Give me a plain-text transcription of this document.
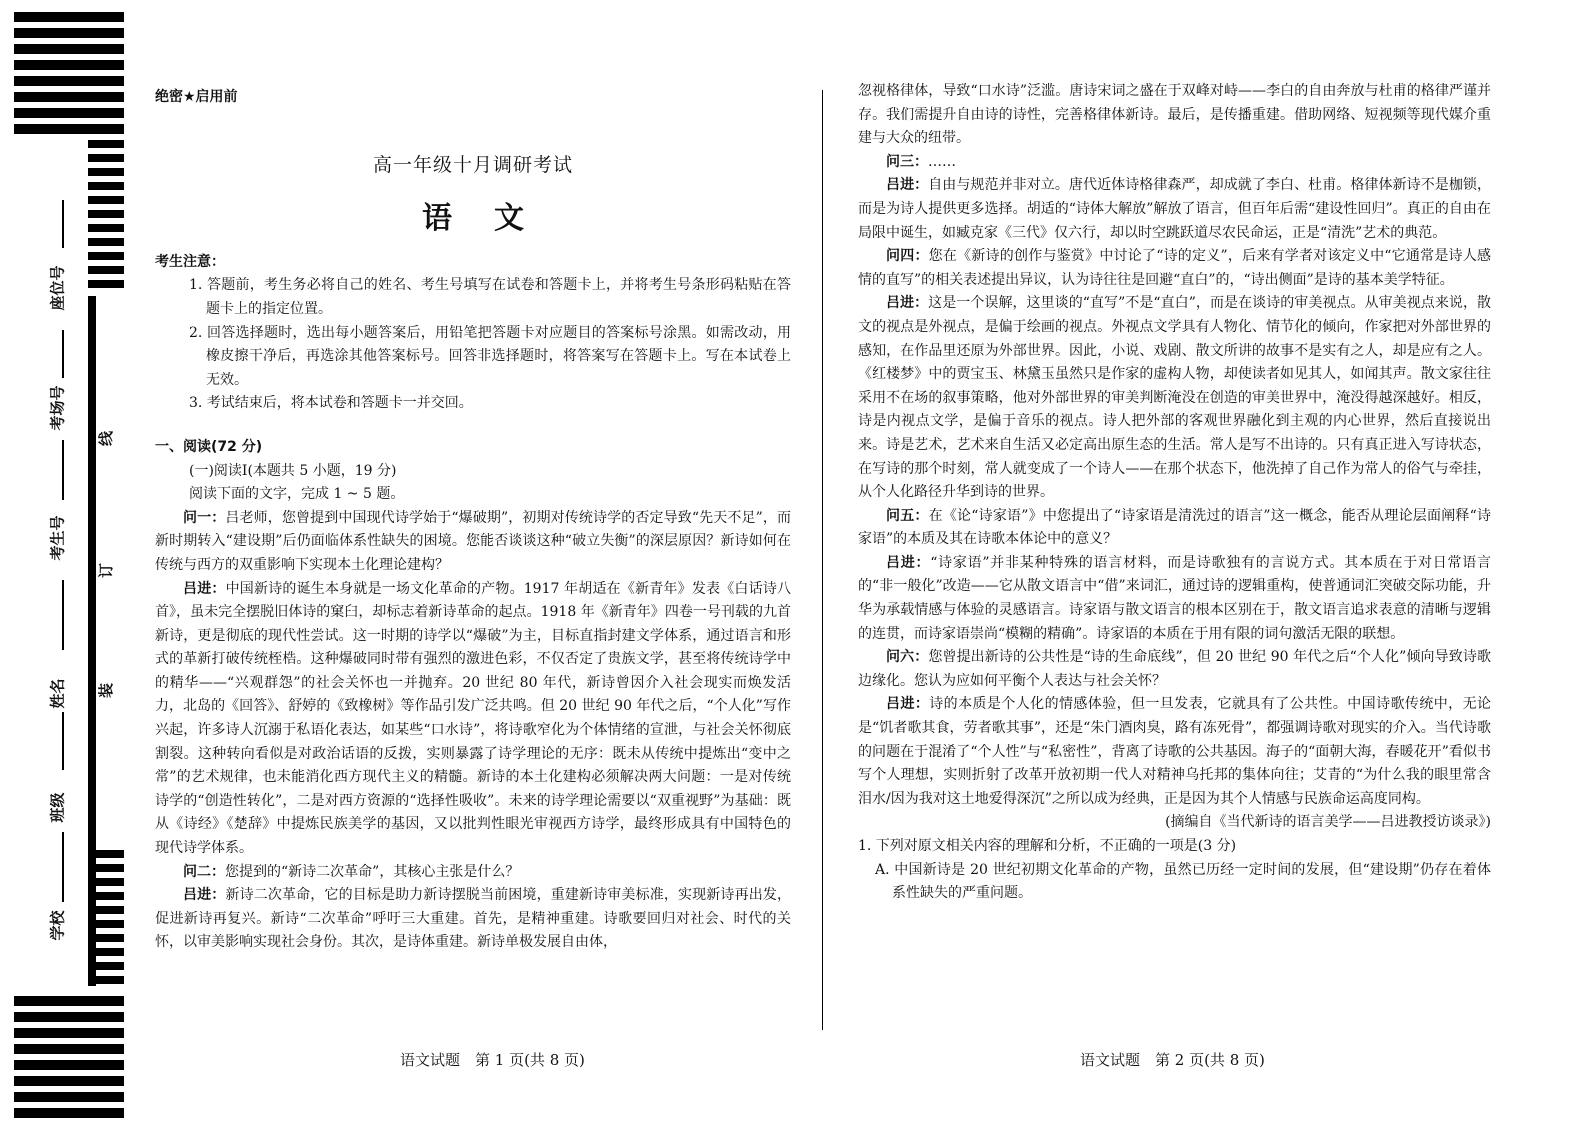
座位号
考场号
考生号
姓名
班级
学校
线
订
装

绝密★启用前

高一年级十月调研考试

语文

考生注意：

1. 答题前，考生务必将自己的姓名、考生号填写在试卷和答题卡上，并将考生号条形码粘贴在答题卡上的指定位置。

2. 回答选择题时，选出每小题答案后，用铅笔把答题卡对应题目的答案标号涂黑。如需改动，用橡皮擦干净后，再选涂其他答案标号。回答非选择题时，将答案写在答题卡上。写在本试卷上无效。

3. 考试结束后，将本试卷和答题卡一并交回。

一、阅读(72 分)

(一)阅读Ⅰ(本题共 5 小题，19 分)

阅读下面的文字，完成 1 ~ 5 题。

问一：吕老师，您曾提到中国现代诗学始于“爆破期”，初期对传统诗学的否定导致“先天不足”，而新时期转入“建设期”后仍面临体系性缺失的困境。您能否谈谈这种“破立失衡”的深层原因？新诗如何在传统与西方的双重影响下实现本土化理论建构？

吕进：中国新诗的诞生本身就是一场文化革命的产物。1917 年胡适在《新青年》发表《白话诗八首》，虽未完全摆脱旧体诗的窠臼，却标志着新诗革命的起点。1918 年《新青年》四卷一号刊载的九首新诗，更是彻底的现代性尝试。这一时期的诗学以“爆破”为主，目标直指封建文学体系，通过语言和形式的革新打破传统桎梏。这种爆破同时带有强烈的激进色彩，不仅否定了贵族文学，甚至将传统诗学中的精华——“兴观群怨”的社会关怀也一并抛弃。20 世纪 80 年代，新诗曾因介入社会现实而焕发活力，北岛的《回答》、舒婷的《致橡树》等作品引发广泛共鸣。但 20 世纪 90 年代之后，“个人化”写作兴起，许多诗人沉溺于私语化表达，如某些“口水诗”，将诗歌窄化为个体情绪的宣泄，与社会关怀彻底割裂。这种转向看似是对政治话语的反拨，实则暴露了诗学理论的无序：既未从传统中提炼出“变中之常”的艺术规律，也未能消化西方现代主义的精髓。新诗的本土化建构必须解决两大问题：一是对传统诗学的“创造性转化”，二是对西方资源的“选择性吸收”。未来的诗学理论需要以“双重视野”为基础：既从《诗经》《楚辞》中提炼民族美学的基因，又以批判性眼光审视西方诗学，最终形成具有中国特色的现代诗学体系。

问二：您提到的“新诗二次革命”，其核心主张是什么？

吕进：新诗二次革命，它的目标是助力新诗摆脱当前困境，重建新诗审美标准，实现新诗再出发，促进新诗再复兴。新诗“二次革命”呼吁三大重建。首先，是精神重建。诗歌要回归对社会、时代的关怀，以审美影响实现社会身份。其次，是诗体重建。新诗单极发展自由体，

忽视格律体，导致“口水诗”泛滥。唐诗宋词之盛在于双峰对峙——李白的自由奔放与杜甫的格律严谨并存。我们需提升自由诗的诗性，完善格律体新诗。最后，是传播重建。借助网络、短视频等现代媒介重建与大众的纽带。

问三：……

吕进：自由与规范并非对立。唐代近体诗格律森严，却成就了李白、杜甫。格律体新诗不是枷锁，而是为诗人提供更多选择。胡适的“诗体大解放”解放了语言，但百年后需“建设性回归”。真正的自由在局限中诞生，如臧克家《三代》仅六行，却以时空跳跃道尽农民命运，正是“清洗”艺术的典范。

问四：您在《新诗的创作与鉴赏》中讨论了“诗的定义”，后来有学者对该定义中“它通常是诗人感情的直写”的相关表述提出异议，认为诗往往是回避“直白”的，“诗出侧面”是诗的基本美学特征。

吕进：这是一个误解，这里谈的“直写”不是“直白”，而是在谈诗的审美视点。从审美视点来说，散文的视点是外视点，是偏于绘画的视点。外视点文学具有人物化、情节化的倾向，作家把对外部世界的感知，在作品里还原为外部世界。因此，小说、戏剧、散文所讲的故事不是实有之人，却是应有之人。《红楼梦》中的贾宝玉、林黛玉虽然只是作家的虚构人物，却使读者如见其人，如闻其声。散文家往往采用不在场的叙事策略，他对外部世界的审美判断淹没在创造的审美世界中，淹没得越深越好。相反，诗是内视点文学，是偏于音乐的视点。诗人把外部的客观世界融化到主观的内心世界，然后直接说出来。诗是艺术，艺术来自生活又必定高出原生态的生活。常人是写不出诗的。只有真正进入写诗状态，在写诗的那个时刻，常人就变成了一个诗人——在那个状态下，他洗掉了自己作为常人的俗气与牵挂，从个人化路径升华到诗的世界。

问五：在《论“诗家语”》中您提出了“诗家语是清洗过的语言”这一概念，能否从理论层面阐释“诗家语”的本质及其在诗歌本体论中的意义？

吕进：“诗家语”并非某种特殊的语言材料，而是诗歌独有的言说方式。其本质在于对日常语言的“非一般化”改造——它从散文语言中“借”来词汇，通过诗的逻辑重构，使普通词汇突破交际功能，升华为承载情感与体验的灵感语言。诗家语与散文语言的根本区别在于，散文语言追求表意的清晰与逻辑的连贯，而诗家语崇尚“模糊的精确”。诗家语的本质在于用有限的词句激活无限的联想。

问六：您曾提出新诗的公共性是“诗的生命底线”，但 20 世纪 90 年代之后“个人化”倾向导致诗歌边缘化。您认为应如何平衡个人表达与社会关怀？

吕进：诗的本质是个人化的情感体验，但一旦发表，它就具有了公共性。中国诗歌传统中，无论是“饥者歌其食，劳者歌其事”，还是“朱门酒肉臭，路有冻死骨”，都强调诗歌对现实的介入。当代诗歌的问题在于混淆了“个人性”与“私密性”，背离了诗歌的公共基因。海子的“面朝大海，春暖花开”看似书写个人理想，实则折射了改革开放初期一代人对精神乌托邦的集体向往；艾青的“为什么我的眼里常含泪水/因为我对这土地爱得深沉”之所以成为经典，正是因为其个人情感与民族命运高度同构。

(摘编自《当代新诗的语言美学——吕进教授访谈录》)

1. 下列对原文相关内容的理解和分析，不正确的一项是(3 分)

A. 中国新诗是 20 世纪初期文化革命的产物，虽然已历经一定时间的发展，但“建设期”仍存在着体系性缺失的严重问题。

语文试题　第 1 页(共 8 页)	语文试题　第 2 页(共 8 页)
